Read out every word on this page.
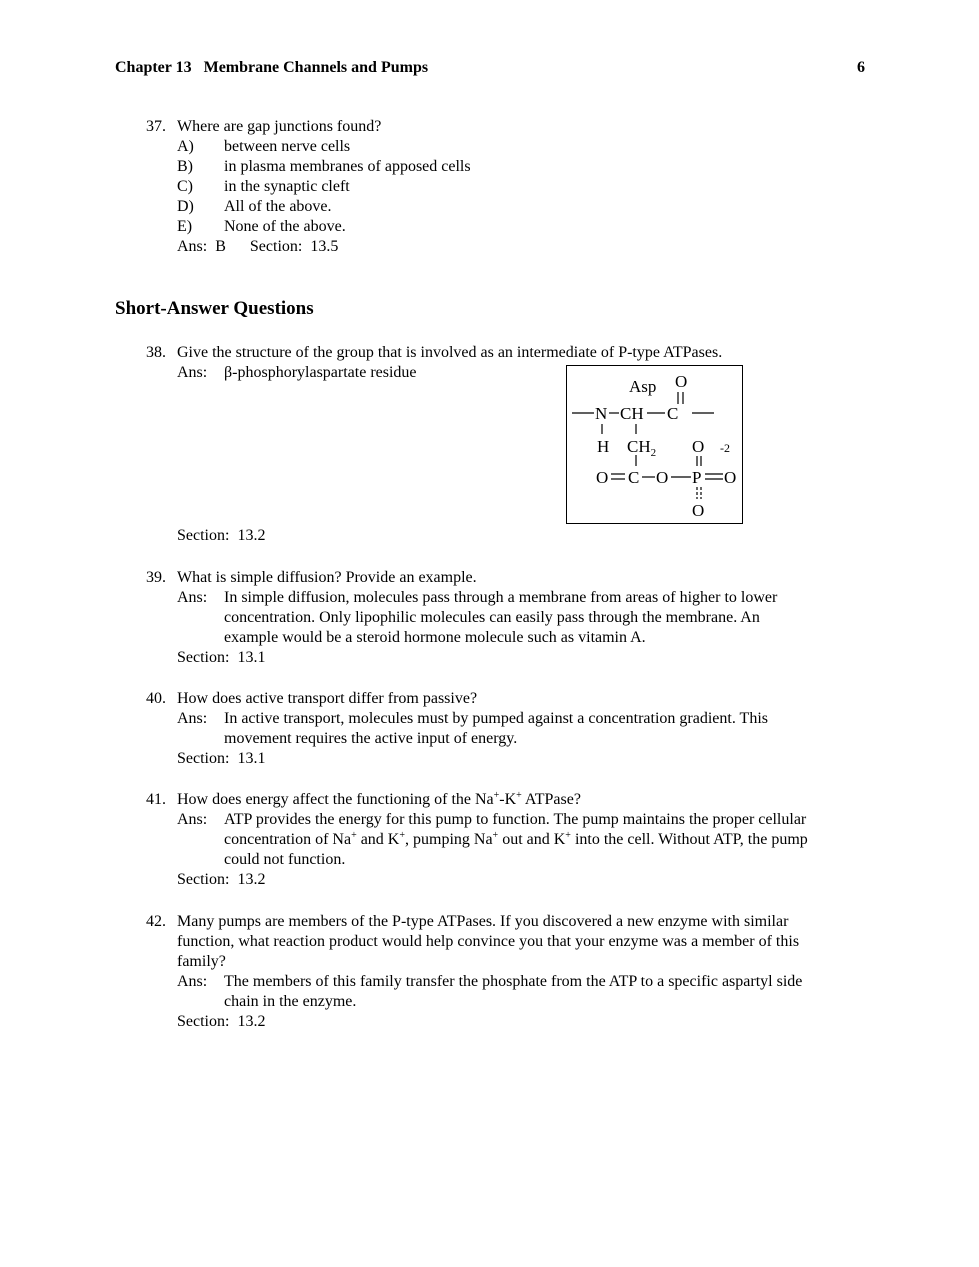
Chapter 13   Membrane Channels and Pumps	6
37. Where are gap junctions found?
A) between nerve cells
B) in plasma membranes of apposed cells
C) in the synaptic cleft
D) All of the above.
E) None of the above.
Ans: B Section: 13.5
Short-Answer Questions
38. Give the structure of the group that is involved as an intermediate of P-type ATPases.
Ans: β-phosphorylaspartate residue
Section: 13.2
Asp O
N CH C
H $CH_2$ O -2
O C O P O
O
39. What is simple diffusion? Provide an example.
Ans: In simple diffusion, molecules pass through a membrane from areas of higher to lower
concentration. Only lipophilic molecules can easily pass through the membrane. An
example would be a steroid hormone molecule such as vitamin A.
Section: 13.1
40. How does active transport differ from passive?
Ans: In active transport, molecules must by pumped against a concentration gradient. This
movement requires the active input of energy.
Section: 13.1
41. How does energy affect the functioning of the Na+-K+ ATPase?
Ans: ATP provides the energy for this pump to function. The pump maintains the proper cellular
concentration of Na+ and K+, pumping Na+ out and K+ into the cell. Without ATP, the pump
could not function.
Section: 13.2
42. Many pumps are members of the P-type ATPases. If you discovered a new enzyme with similar
function, what reaction product would help convince you that your enzyme was a member of this
family?
Ans: The members of this family transfer the phosphate from the ATP to a specific aspartyl side
chain in the enzyme.
Section: 13.2
